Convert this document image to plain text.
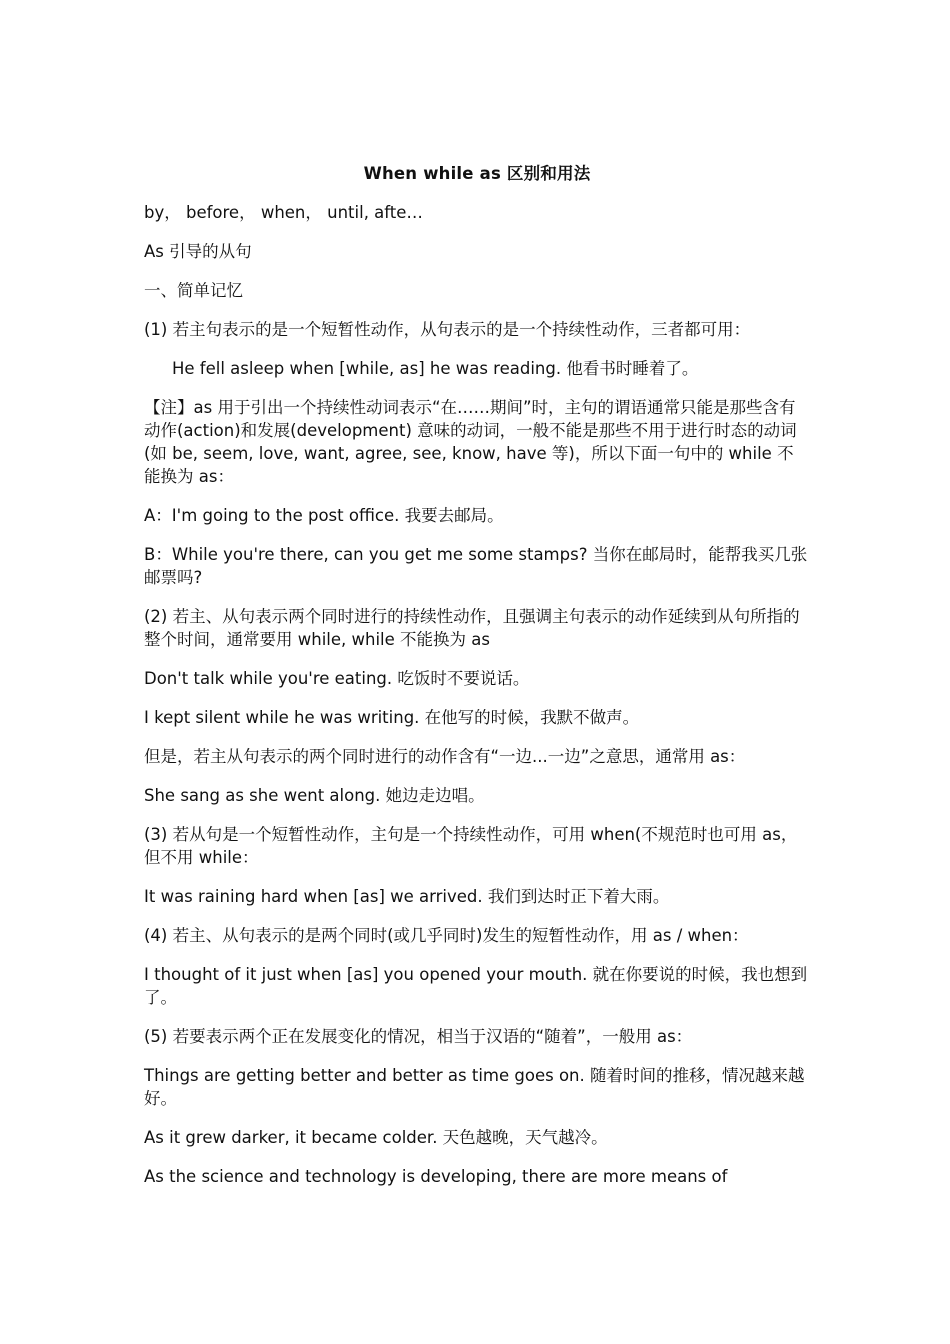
When while as 区别和用法

by， before， when， until, afte…

As 引导的从句

一、简单记忆

(1) 若主句表示的是一个短暂性动作，从句表示的是一个持续性动作，三者都可用：

He fell asleep when [while, as] he was reading. 他看书时睡着了。

【注】as 用于引出一个持续性动词表示“在……期间”时，主句的谓语通常只能是那些含有动作(action)和发展(development) 意味的动词，一般不能是那些不用于进行时态的动词(如 be, seem, love, want, agree, see, know, have 等)，所以下面一句中的 while 不能换为 as：

A：I'm going to the post office. 我要去邮局。

B：While you're there, can you get me some stamps? 当你在邮局时，能帮我买几张邮票吗?

(2) 若主、从句表示两个同时进行的持续性动作，且强调主句表示的动作延续到从句所指的整个时间，通常要用 while, while 不能换为 as

Don't talk while you're eating. 吃饭时不要说话。

I kept silent while he was writing. 在他写的时候，我默不做声。

但是，若主从句表示的两个同时进行的动作含有“一边...一边”之意思，通常用 as：

She sang as she went along. 她边走边唱。

(3) 若从句是一个短暂性动作，主句是一个持续性动作，可用 when(不规范时也可用 as，但不用 while：

It was raining hard when [as] we arrived. 我们到达时正下着大雨。

(4) 若主、从句表示的是两个同时(或几乎同时)发生的短暂性动作，用 as / when：

I thought of it just when [as] you opened your mouth. 就在你要说的时候，我也想到了。

(5) 若要表示两个正在发展变化的情况，相当于汉语的“随着”，一般用 as：

Things are getting better and better as time goes on. 随着时间的推移，情况越来越好。

As it grew darker, it became colder. 天色越晚，天气越冷。

As the science and technology is developing, there are more means of
